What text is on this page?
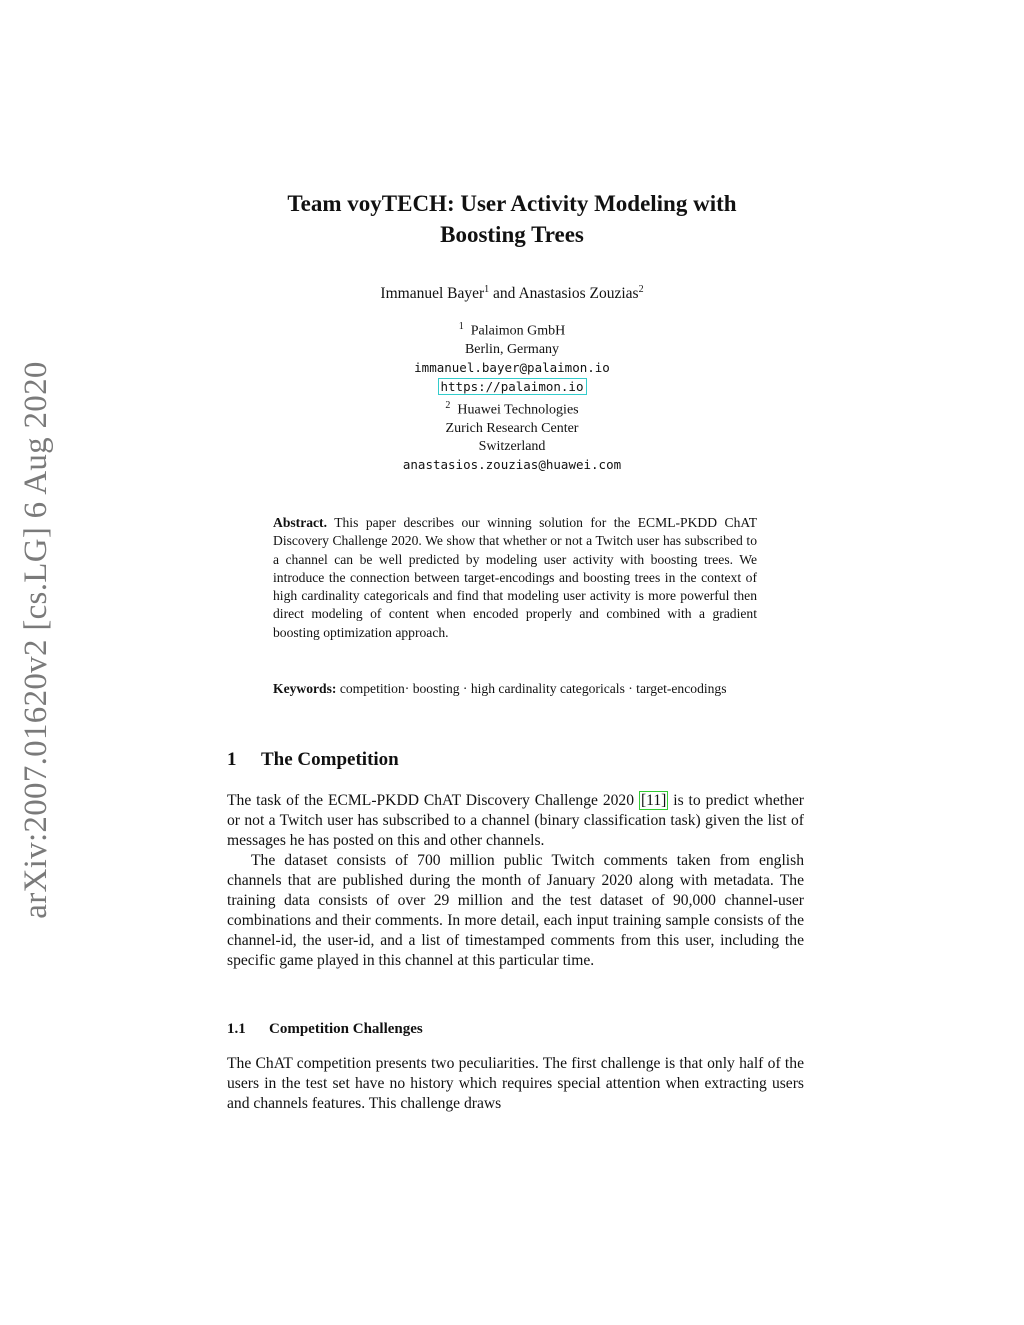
arXiv:2007.01620v2 [cs.LG] 6 Aug 2020
Team voyTECH: User Activity Modeling with
Boosting Trees
Immanuel Bayer$^1$ and Anastasios Zouzias$^2$
$^1$ Palaimon GmbH
Berlin, Germany
immanuel.bayer@palaimon.io
https://palaimon.io
$^2$ Huawei Technologies
Zurich Research Center
Switzerland
anastasios.zouzias@huawei.com
Abstract. This paper describes our winning solution for the ECML-PKDD ChAT Discovery Challenge 2020. We show that whether or not a Twitch user has subscribed to a channel can be well predicted by modeling user activity with boosting trees. We introduce the connection between target-encodings and boosting trees in the context of high cardinality categoricals and find that modeling user activity is more powerful then direct modeling of content when encoded properly and combined with a gradient boosting optimization approach.
Keywords: competition· boosting · high cardinality categoricals · target-encodings
1 The Competition
The task of the ECML-PKDD ChAT Discovery Challenge 2020 [11] is to predict whether or not a Twitch user has subscribed to a channel (binary classification task) given the list of messages he has posted on this and other channels.
The dataset consists of 700 million public Twitch comments taken from english channels that are published during the month of January 2020 along with metadata. The training data consists of over 29 million and the test dataset of 90,000 channel-user combinations and their comments. In more detail, each input training sample consists of the channel-id, the user-id, and a list of timestamped comments from this user, including the specific game played in this channel at this particular time.
1.1 Competition Challenges
The ChAT competition presents two peculiarities. The first challenge is that only half of the users in the test set have no history which requires special attention when extracting users and channels features. This challenge draws
